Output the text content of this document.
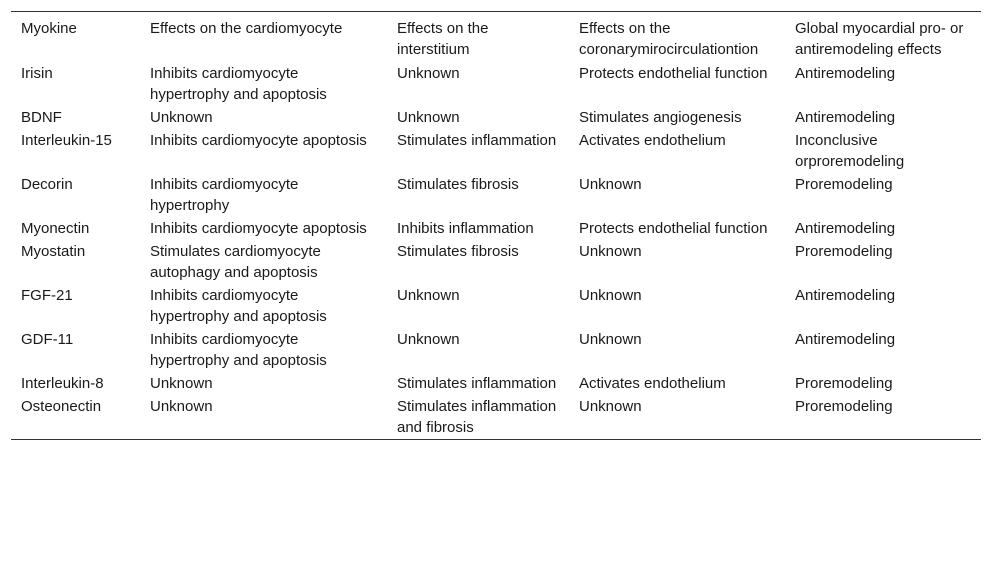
Myokine	Effects on the cardiomyocyte	Effects on the interstitium	Effects on the coronarymirocirculationtion	Global myocardial pro- or antiremodeling effects
Irisin	Inhibits cardiomyocyte hypertrophy and apoptosis	Unknown	Protects endothelial function	Antiremodeling
BDNF	Unknown	Unknown	Stimulates angiogenesis	Antiremodeling
Interleukin-15	Inhibits cardiomyocyte apoptosis	Stimulates inflammation	Activates endothelium	Inconclusive orproremodeling
Decorin	Inhibits cardiomyocyte hypertrophy	Stimulates fibrosis	Unknown	Proremodeling
Myonectin	Inhibits cardiomyocyte apoptosis	Inhibits inflammation	Protects endothelial function	Antiremodeling
Myostatin	Stimulates cardiomyocyte autophagy and apoptosis	Stimulates fibrosis	Unknown	Proremodeling
FGF-21	Inhibits cardiomyocyte hypertrophy and apoptosis	Unknown	Unknown	Antiremodeling
GDF-11	Inhibits cardiomyocyte hypertrophy and apoptosis	Unknown	Unknown	Antiremodeling
Interleukin-8	Unknown	Stimulates inflammation	Activates endothelium	Proremodeling
Osteonectin	Unknown	Stimulates inflammation and fibrosis	Unknown	Proremodeling
